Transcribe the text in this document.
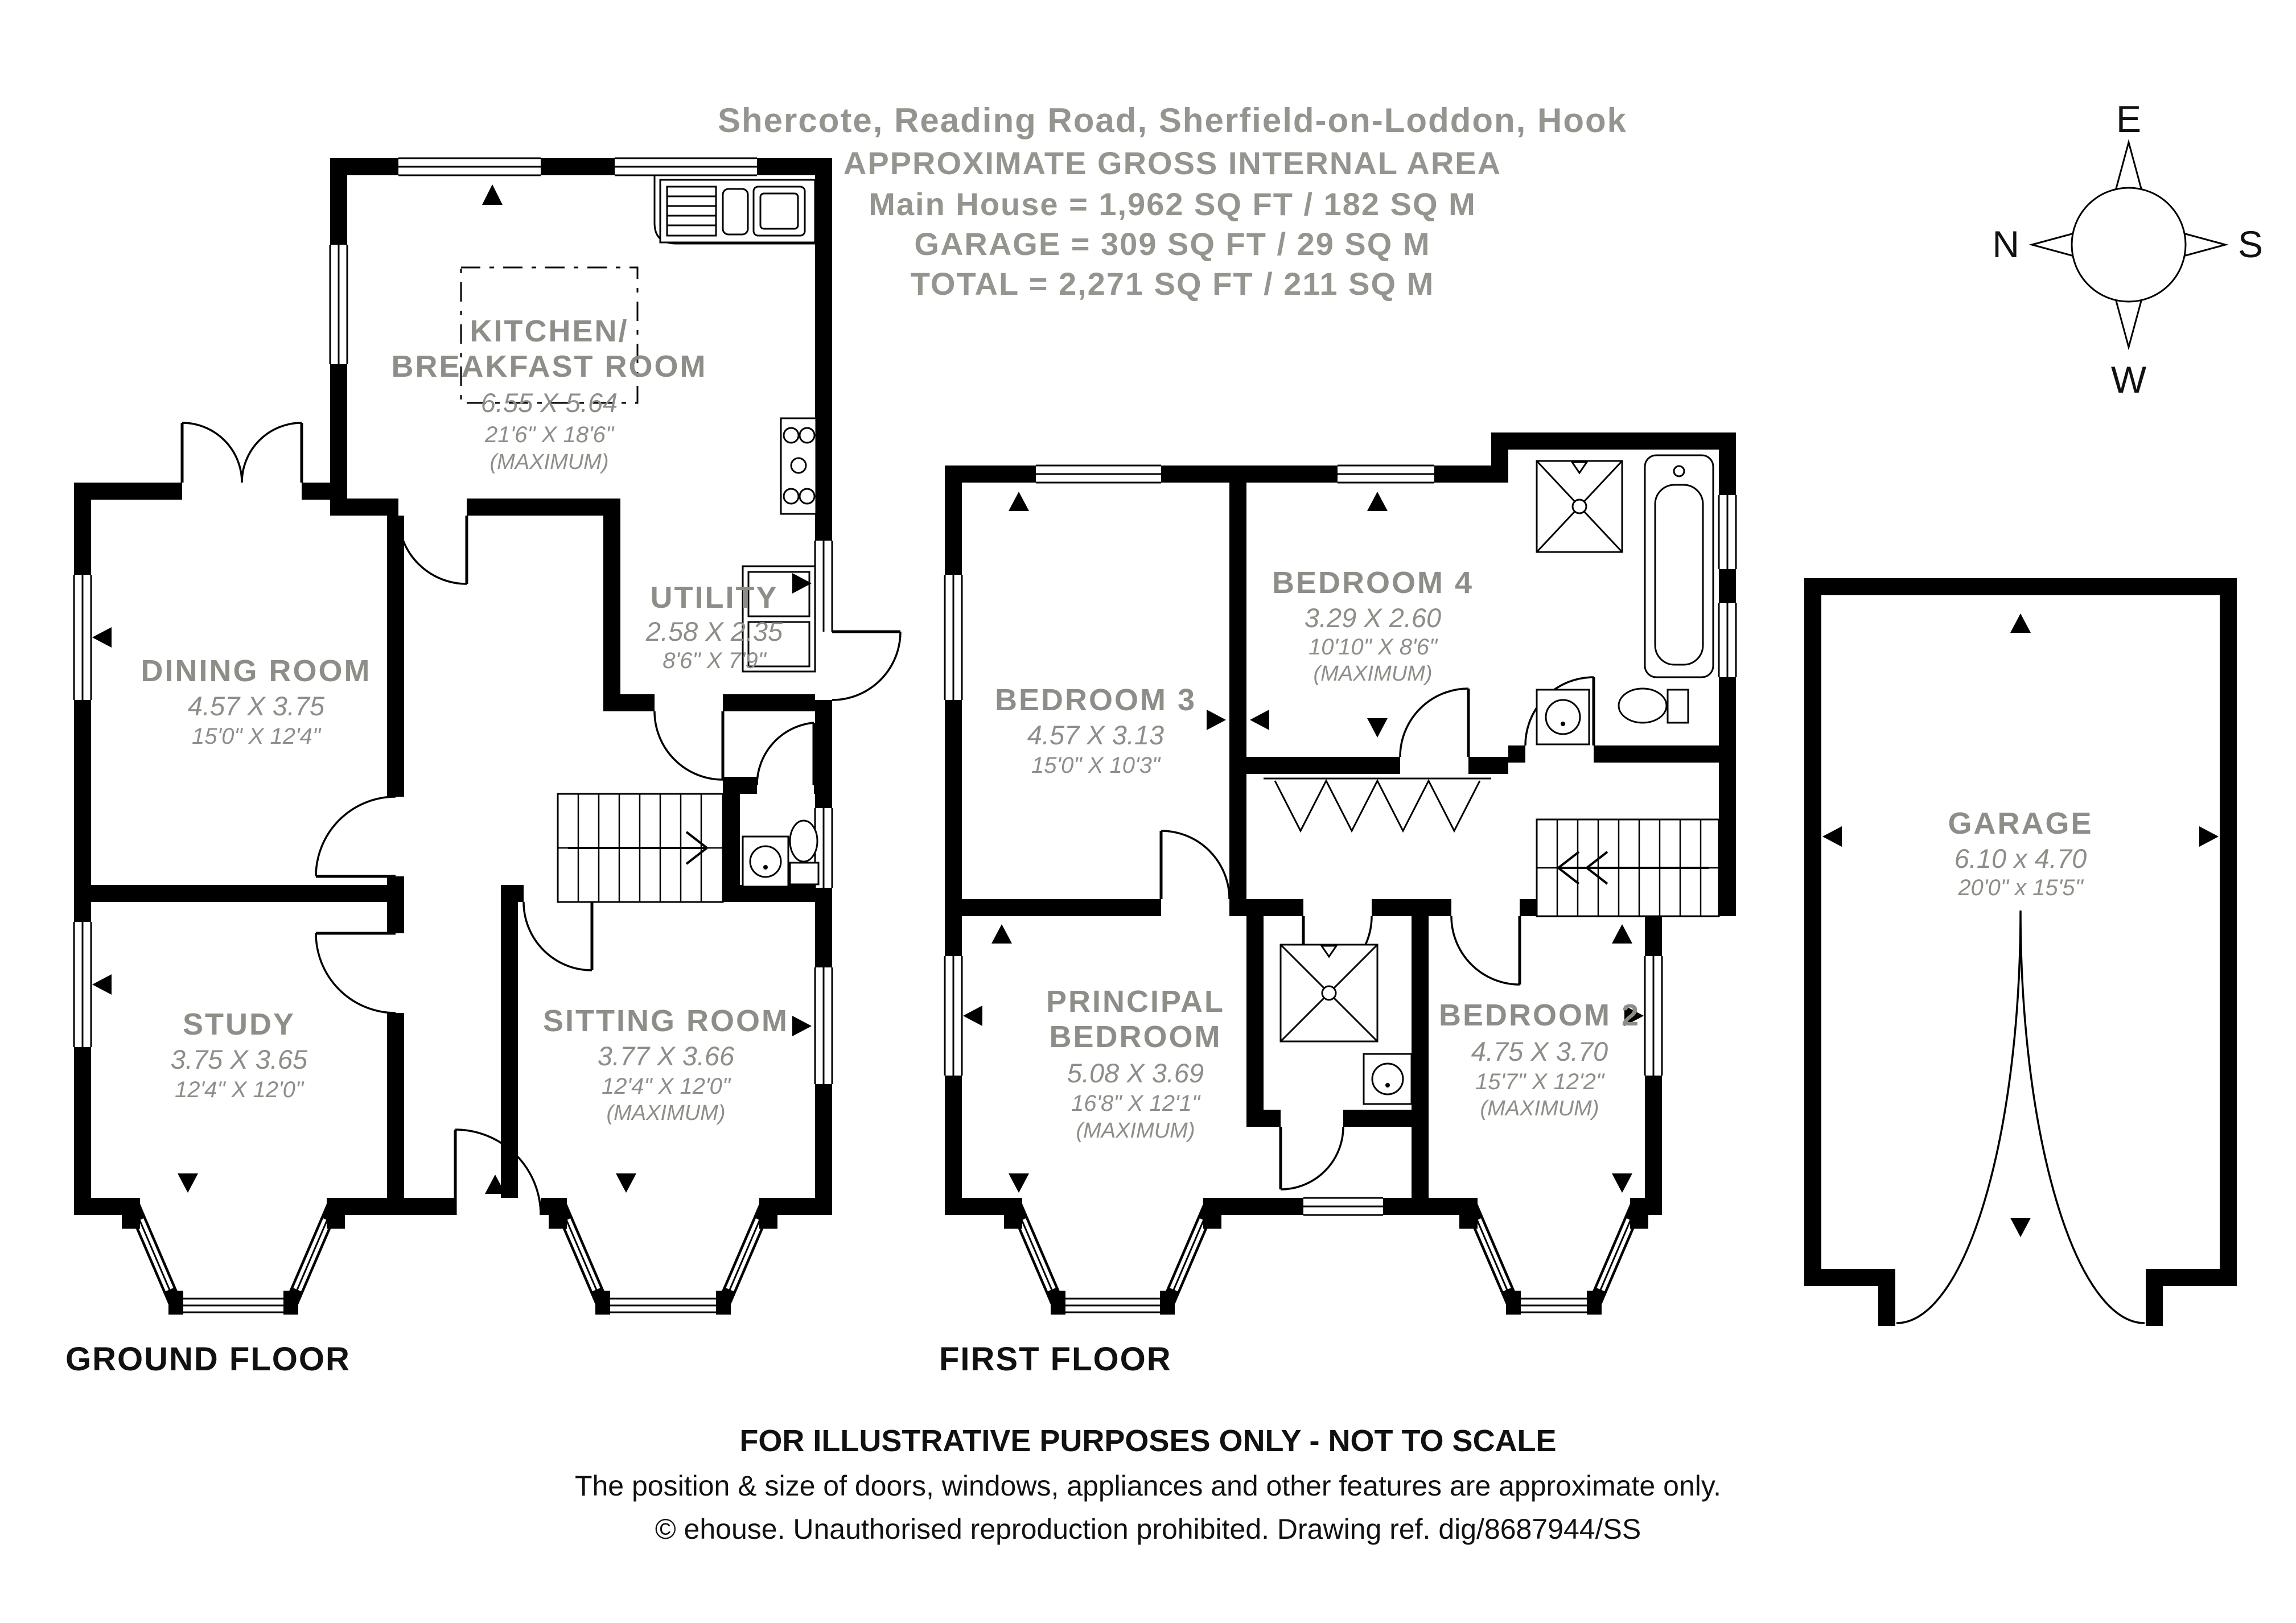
Shercote, Reading Road, Sherfield-on-Loddon, Hook
APPROXIMATE GROSS INTERNAL AREA
Main House = 1,962 SQ FT / 182 SQ M
GARAGE = 309 SQ FT / 29 SQ M
TOTAL = 2,271 SQ FT / 211 SQ M
E
N	S
W
KITCHEN/
BREAKFAST ROOM
6.55 X 5.64
21'6" X 18'6"
(MAXIMUM)
DINING ROOM
4.57 X 3.75
15'0" X 12'4"
UTILITY
2.58 X 2.35
8'6" X 7'9"
STUDY
3.75 X 3.65
12'4" X 12'0"
SITTING ROOM
3.77 X 3.66
12'4" X 12'0"
(MAXIMUM)
GROUND FLOOR
BEDROOM 3
4.57 X 3.13
15'0" X 10'3"
BEDROOM 4
3.29 X 2.60
10'10" X 8'6"
(MAXIMUM)
PRINCIPAL
BEDROOM
5.08 X 3.69
16'8" X 12'1"
(MAXIMUM)
BEDROOM 2
4.75 X 3.70
15'7" X 12'2"
(MAXIMUM)
FIRST FLOOR
GARAGE
6.10 x 4.70
20'0" x 15'5"
FOR ILLUSTRATIVE PURPOSES ONLY - NOT TO SCALE
The position & size of doors, windows, appliances and other features are approximate only.
© ehouse. Unauthorised reproduction prohibited. Drawing ref. dig/8687944/SS
